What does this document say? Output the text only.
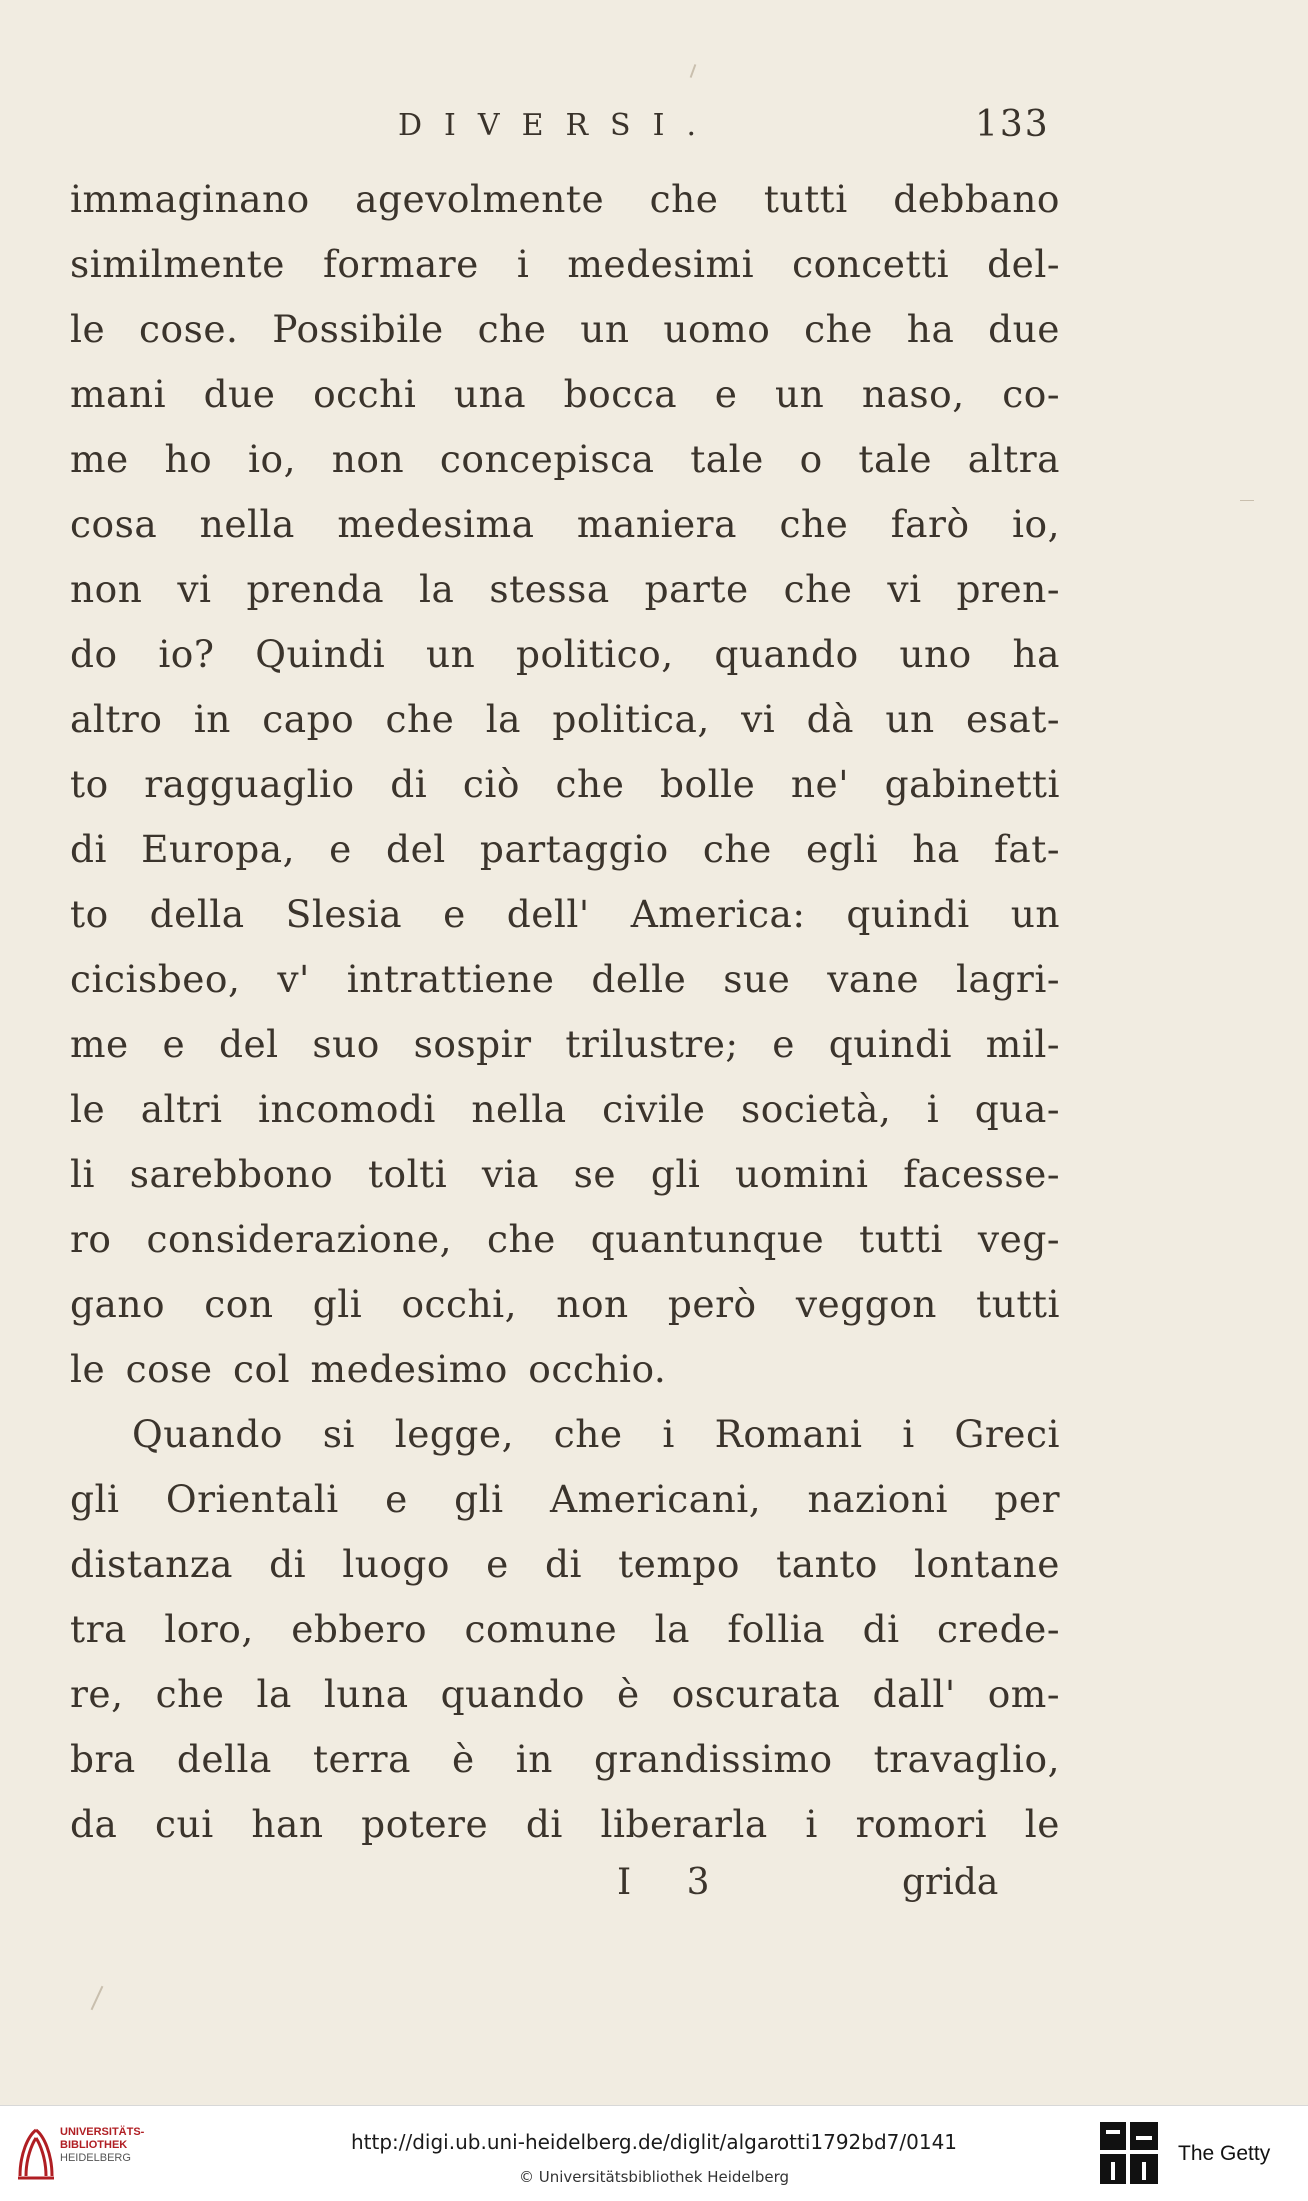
DIVERSI.	133
immaginano agevolmente che tutti debbano
similmente formare i medesimi concetti del-
le cose. Possibile che un uomo che ha due
mani due occhi una bocca e un naso, co-
me ho io, non concepisca tale o tale altra
cosa nella medesima maniera che farò io,
non vi prenda la stessa parte che vi pren-
do io? Quindi un politico, quando uno ha
altro in capo che la politica, vi dà un esat-
to ragguaglio di ciò che bolle ne' gabinetti
di Europa, e del partaggio che egli ha fat-
to della Slesia e dell' America: quindi un
cicisbeo, v' intrattiene delle sue vane lagri-
me e del suo sospir trilustre; e quindi mil-
le altri incomodi nella civile società, i qua-
li sarebbono tolti via se gli uomini facesse-
ro considerazione, che quantunque tutti veg-
gano con gli occhi, non però veggon tutti
le cose col medesimo occhio.
Quando si legge, che i Romani i Greci
gli Orientali e gli Americani, nazioni per
distanza di luogo e di tempo tanto lontane
tra loro, ebbero comune la follia di crede-
re, che la luna quando è oscurata dall' om-
bra della terra è in grandissimo travaglio,
da cui han potere di liberarla i romori le
I 3	grida
UNIVERSITÄTS-
BIBLIOTHEK
HEIDELBERG
http://digi.ub.uni-heidelberg.de/diglit/algarotti1792bd7/0141
© Universitätsbibliothek Heidelberg
The Getty
